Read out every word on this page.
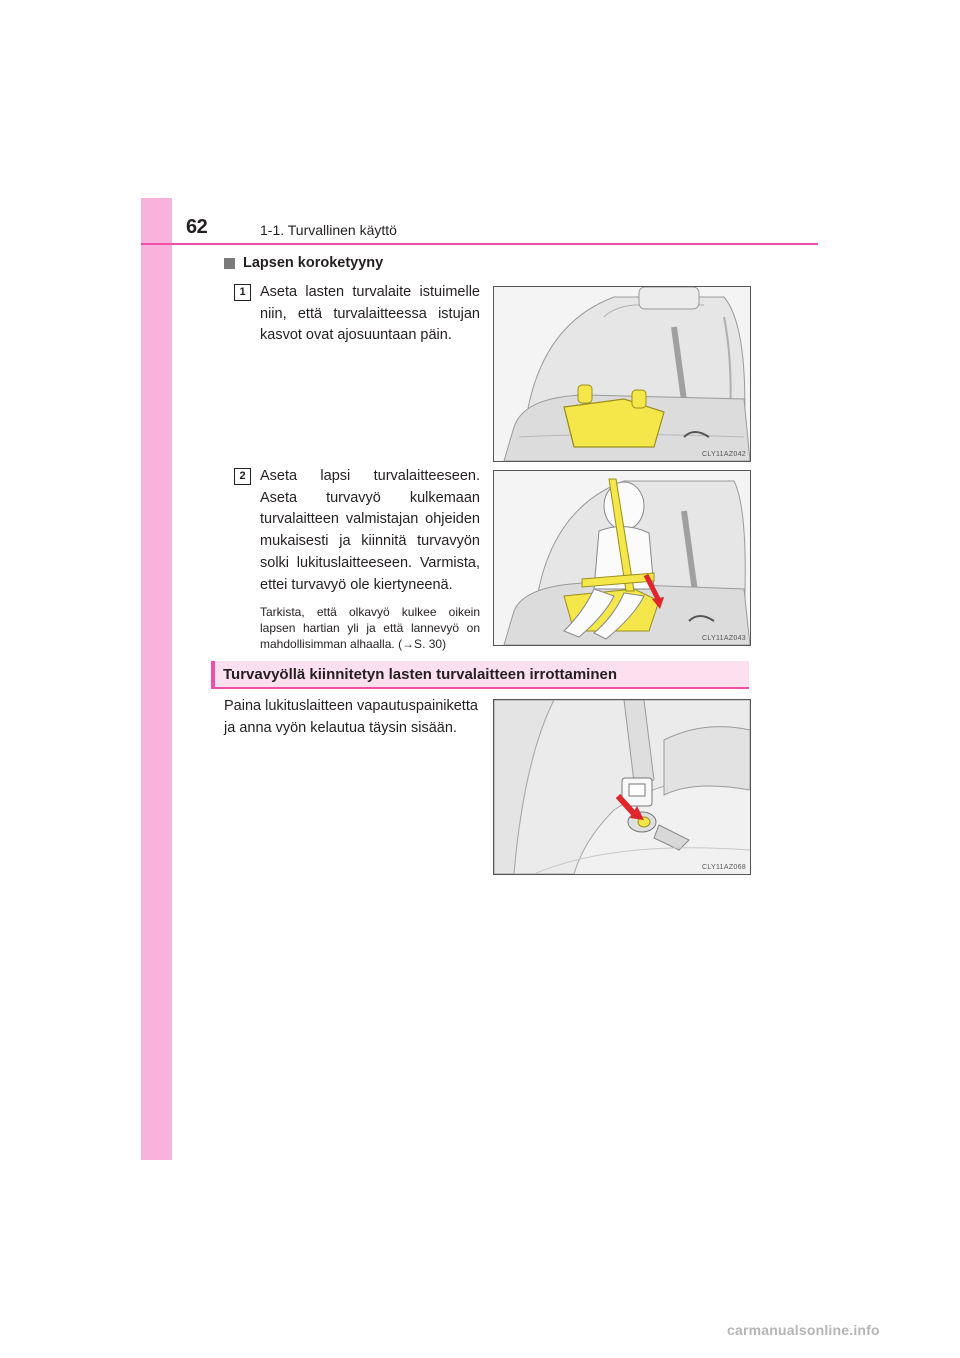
62	1-1. Turvallinen käyttö
Lapsen koroketyyny
1 Aseta lasten turvalaite istuimelle niin, että turvalaitteessa istujan kasvot ovat ajosuuntaan päin.
CLY11AZ042
2 Aseta lapsi turvalaitteeseen. Aseta turvavyö kulkemaan turvalaitteen valmistajan ohjeiden mukaisesti ja kiinnitä turvavyön solki lukituslaitteeseen. Varmista, ettei turvavyö ole kiertyneenä.
Tarkista, että olkavyö kulkee oikein lapsen hartian yli ja että lannevyö on mahdollisimman alhaalla. (→S. 30)	CLY11AZ043
Turvavyöllä kiinnitetyn lasten turvalaitteen irrottaminen
Paina lukituslaitteen vapautuspainiketta ja anna vyön kelautua täysin sisään.
CLY11AZ068
carmanualsonline.info
